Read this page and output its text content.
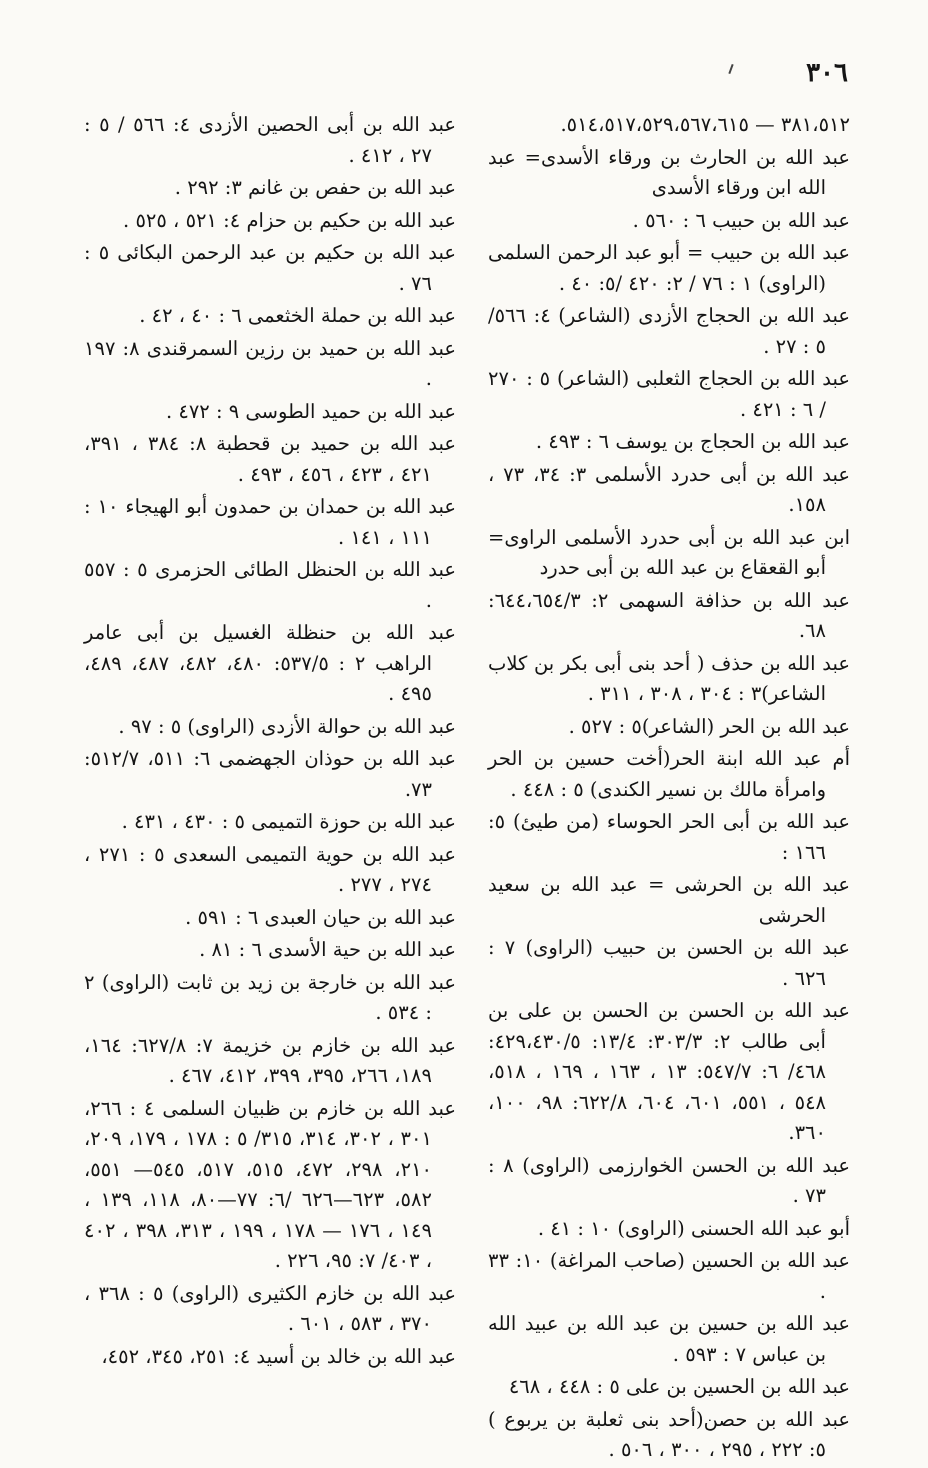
٣٠٦

٣٨١،٥١٢ — ٥١٤،٥١٧،٥٢٩،٥٦٧،٦١٥.

عبد الله بن الحارث بن ورقاء الأسدى= عبد الله ابن ورقاء الأسدى

عبد الله بن حبيب ٦ : ٥٦٠ .

عبد الله بن حبيب = أبو عبد الرحمن السلمى (الراوى) ١ : ٧٦ / ٢: ٤٢٠ /٥: ٤٠ .

عبد الله بن الحجاج الأزدى (الشاعر) ٤: ٥٦٦/ ٥ : ٢٧ .

عبد الله بن الحجاج الثعلبى (الشاعر) ٥ : ٢٧٠ / ٦ : ٤٢١ .

عبد الله بن الحجاج بن يوسف ٦ : ٤٩٣ .

عبد الله بن أبى حدرد الأسلمى ٣: ٣٤، ٧٣ ، ١٥٨.

ابن عبد الله بن أبى حدرد الأسلمى الراوى= أبو القعقاع بن عبد الله بن أبى حدرد

عبد الله بن حذافة السهمى ٢: ٦٤٤،٦٥٤/٣: ٦٨.

عبد الله بن حذف ( أحد بنى أبى بكر بن كلاب الشاعر)٣ : ٣٠٤ ، ٣٠٨ ، ٣١١ .

عبد الله بن الحر (الشاعر)٥ : ٥٢٧ .

أم عبد الله ابنة الحر(أخت حسين بن الحر وامرأة مالك بن نسير الكندى) ٥ : ٤٤٨ .

عبد الله بن أبى الحر الحوساء (من طيئ) ٥: ١٦٦ :

عبد الله بن الحرشى = عبد الله بن سعيد الحرشى

عبد الله بن الحسن بن حبيب (الراوى) ٧ : ٦٢٦ .

عبد الله بن الحسن بن الحسن بن على بن أبى طالب ٢: ٣٠٣/٣: ١٣/٤: ٤٢٩،٤٣٠/٥: ٤٦٨/ ٦: ٥٤٧/٧: ١٣ ، ١٦٣ ، ١٦٩ ، ٥١٨، ٥٤٨ ، ٥٥١، ٦٠١، ٦٠٤، ٦٢٢/٨: ٩٨، ١٠٠، ٣٦٠.

عبد الله بن الحسن الخوارزمى (الراوى) ٨ : ٧٣ .

أبو عبد الله الحسنى (الراوى) ١٠ : ٤١ .

عبد الله بن الحسين (صاحب المراغة) ١٠: ٣٣ .

عبد الله بن حسين بن عبد الله بن عبيد الله بن عباس ٧ : ٥٩٣ .

عبد الله بن الحسين بن على ٥ : ٤٤٨ ، ٤٦٨

عبد الله بن حصن(أحد بنى ثعلبة بن يربوع ) ٥: ٢٢٢ ، ٢٩٥ ، ٣٠٠ ، ٥٠٦ .

عبد الله بن أبى الحصين الأزدى ٤: ٥٦٦ / ٥ : ٢٧ ، ٤١٢ .

عبد الله بن حفص بن غانم ٣: ٢٩٢ .

عبد الله بن حكيم بن حزام ٤: ٥٢١ ، ٥٢٥ .

عبد الله بن حكيم بن عبد الرحمن البكائى ٥ : ٧٦ .

عبد الله بن حملة الخثعمى ٦ : ٤٠ ، ٤٢ .

عبد الله بن حميد بن رزين السمرقندى ٨: ١٩٧ .

عبد الله بن حميد الطوسى ٩ : ٤٧٢ .

عبد الله بن حميد بن قحطبة ٨: ٣٨٤ ، ٣٩١، ٤٢١ ، ٤٢٣ ، ٤٥٦ ، ٤٩٣ .

عبد الله بن حمدان بن حمدون أبو الهيجاء ١٠ : ١١١ ، ١٤١ .

عبد الله بن الحنظل الطائى الحزمرى ٥ : ٥٥٧ .

عبد الله بن حنظلة الغسيل بن أبى عامر الراهب ٢ : ٥٣٧/٥: ٤٨٠، ٤٨٢، ٤٨٧، ٤٨٩، ٤٩٥ .

عبد الله بن حوالة الأزدى (الراوى) ٥ : ٩٧ .

عبد الله بن حوذان الجهضمى ٦: ٥١١، ٥١٢/٧: ٧٣.

عبد الله بن حوزة التميمى ٥ : ٤٣٠ ، ٤٣١ .

عبد الله بن حوية التميمى السعدى ٥ : ٢٧١ ، ٢٧٤ ، ٢٧٧ .

عبد الله بن حيان العبدى ٦ : ٥٩١ .

عبد الله بن حية الأسدى ٦ : ٨١ .

عبد الله بن خارجة بن زيد بن ثابت (الراوى) ٢ : ٥٣٤ .

عبد الله بن خازم بن خزيمة ٧: ٦٢٧/٨: ١٦٤، ١٨٩، ٢٦٦، ٣٩٥، ٣٩٩، ٤١٢، ٤٦٧ .

عبد الله بن خازم بن ظبيان السلمى ٤ : ٢٦٦، ٣٠١ ، ٣٠٢، ٣١٤، ٣١٥/ ٥ : ١٧٨ ، ١٧٩، ٢٠٩، ٢١٠، ٢٩٨، ٤٧٢، ٥١٥، ٥١٧، ٥٤٥— ٥٥١، ٥٨٢، ٦٢٣—٦٢٦ /٦: ٧٧—٨٠، ١١٨، ١٣٩ ، ١٤٩ ، ١٧٦ — ١٧٨ ، ١٩٩ ، ٣١٣، ٣٩٨ ، ٤٠٢ ، ٤٠٣/ ٧: ٩٥، ٢٢٦ .

عبد الله بن خازم الكثيرى (الراوى) ٥ : ٣٦٨ ، ٣٧٠ ، ٥٨٣ ، ٦٠١ .

عبد الله بن خالد بن أسيد ٤: ٢٥١، ٣٤٥، ٤٥٢،
